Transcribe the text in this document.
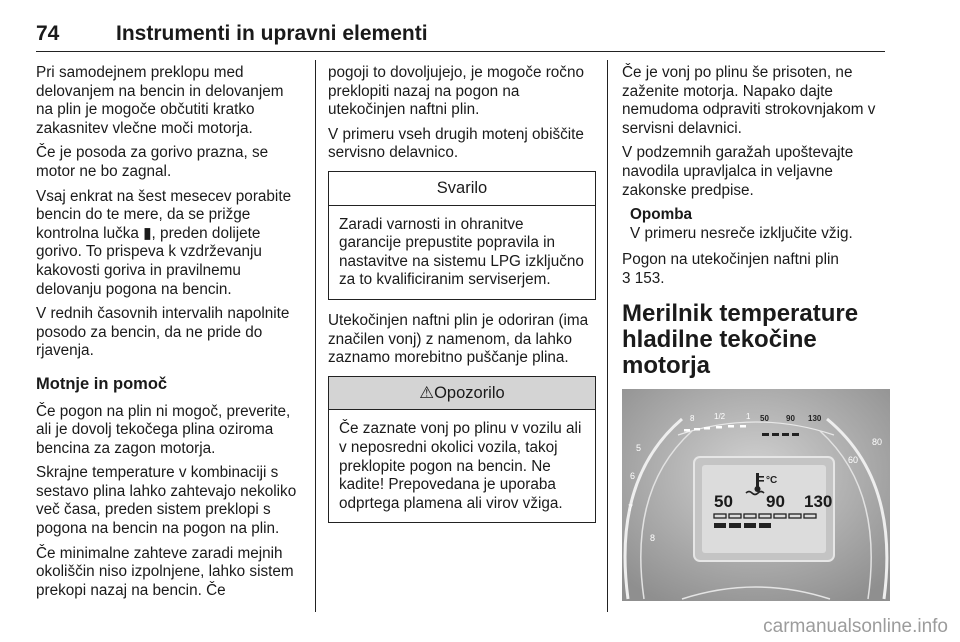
74	Instrumenti in upravni elementi

Pri samodejnem preklopu med delovanjem na bencin in delovanjem na plin je mogoče občutiti kratko zakasnitev vlečne moči motorja.

Če je posoda za gorivo prazna, se motor ne bo zagnal.

Vsaj enkrat na šest mesecev porabite bencin do te mere, da se prižge kontrolna lučka ▮, preden dolijete gorivo. To prispeva k vzdrževanju kakovosti goriva in pravilnemu delovanju pogona na bencin.

V rednih časovnih intervalih napolnite posodo za bencin, da ne pride do rjavenja.

Motnje in pomoč

Če pogon na plin ni mogoč, preverite, ali je dovolj tekočega plina oziroma bencina za zagon motorja.

Skrajne temperature v kombinaciji s sestavo plina lahko zahtevajo nekoliko več časa, preden sistem preklopi s pogona na bencin na pogon na plin.

Če minimalne zahteve zaradi mejnih okoliščin niso izpolnjene, lahko sistem prekopi nazaj na bencin. Če

pogoji to dovoljujejo, je mogoče ročno preklopiti nazaj na pogon na utekočinjen naftni plin.

V primeru vseh drugih motenj obiščite servisno delavnico.

Svarilo
Zaradi varnosti in ohranitve garancije prepustite popravila in nastavitve na sistemu LPG izključno za to kvalificiranim serviserjem.

Utekočinjen naftni plin je odoriran (ima značilen vonj) z namenom, da lahko zaznamo morebitno puščanje plina.

⚠Opozorilo
Če zaznate vonj po plinu v vozilu ali v neposredni okolici vozila, takoj preklopite pogon na bencin. Ne kadite! Prepovedana je uporaba odprtega plamena ali virov vžiga.

Če je vonj po plinu še prisoten, ne zaženite motorja. Napako dajte nemudoma odpraviti strokovnjakom v servisni delavnici.

V podzemnih garažah upoštevajte navodila upravljalca in veljavne zakonske predpise.

Opomba
V primeru nesreče izključite vžig.

Pogon na utekočinjen naftni plin
3 153.

Merilnik temperature hladilne tekočine motorja
8 1/2	1 50 90 130
5
6
7
8
60
80
°C
50 90 130
carmanualsonline.info
